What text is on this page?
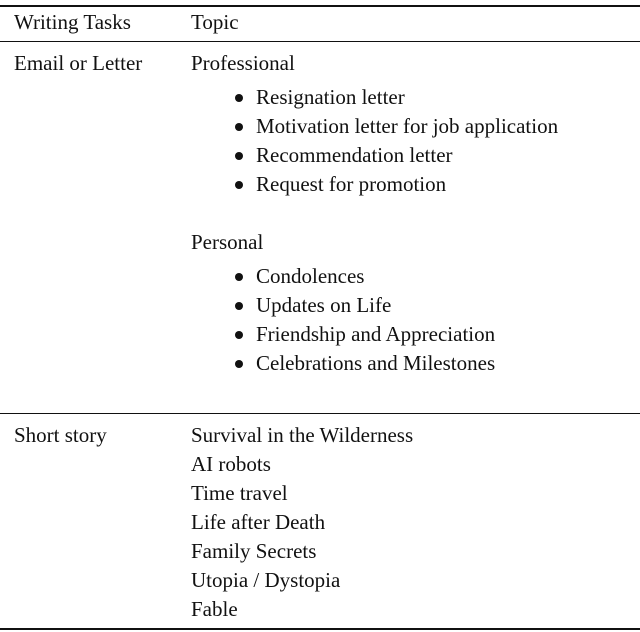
Writing Tasks	Topic
Email or Letter Professional
Resignation letter
Motivation letter for job application
Recommendation letter
Request for promotion
Personal
Condolences
Updates on Life
Friendship and Appreciation
Celebrations and Milestones
Short story	Survival in the Wilderness
AI robots
Time travel
Life after Death
Family Secrets
Utopia / Dystopia
Fable
